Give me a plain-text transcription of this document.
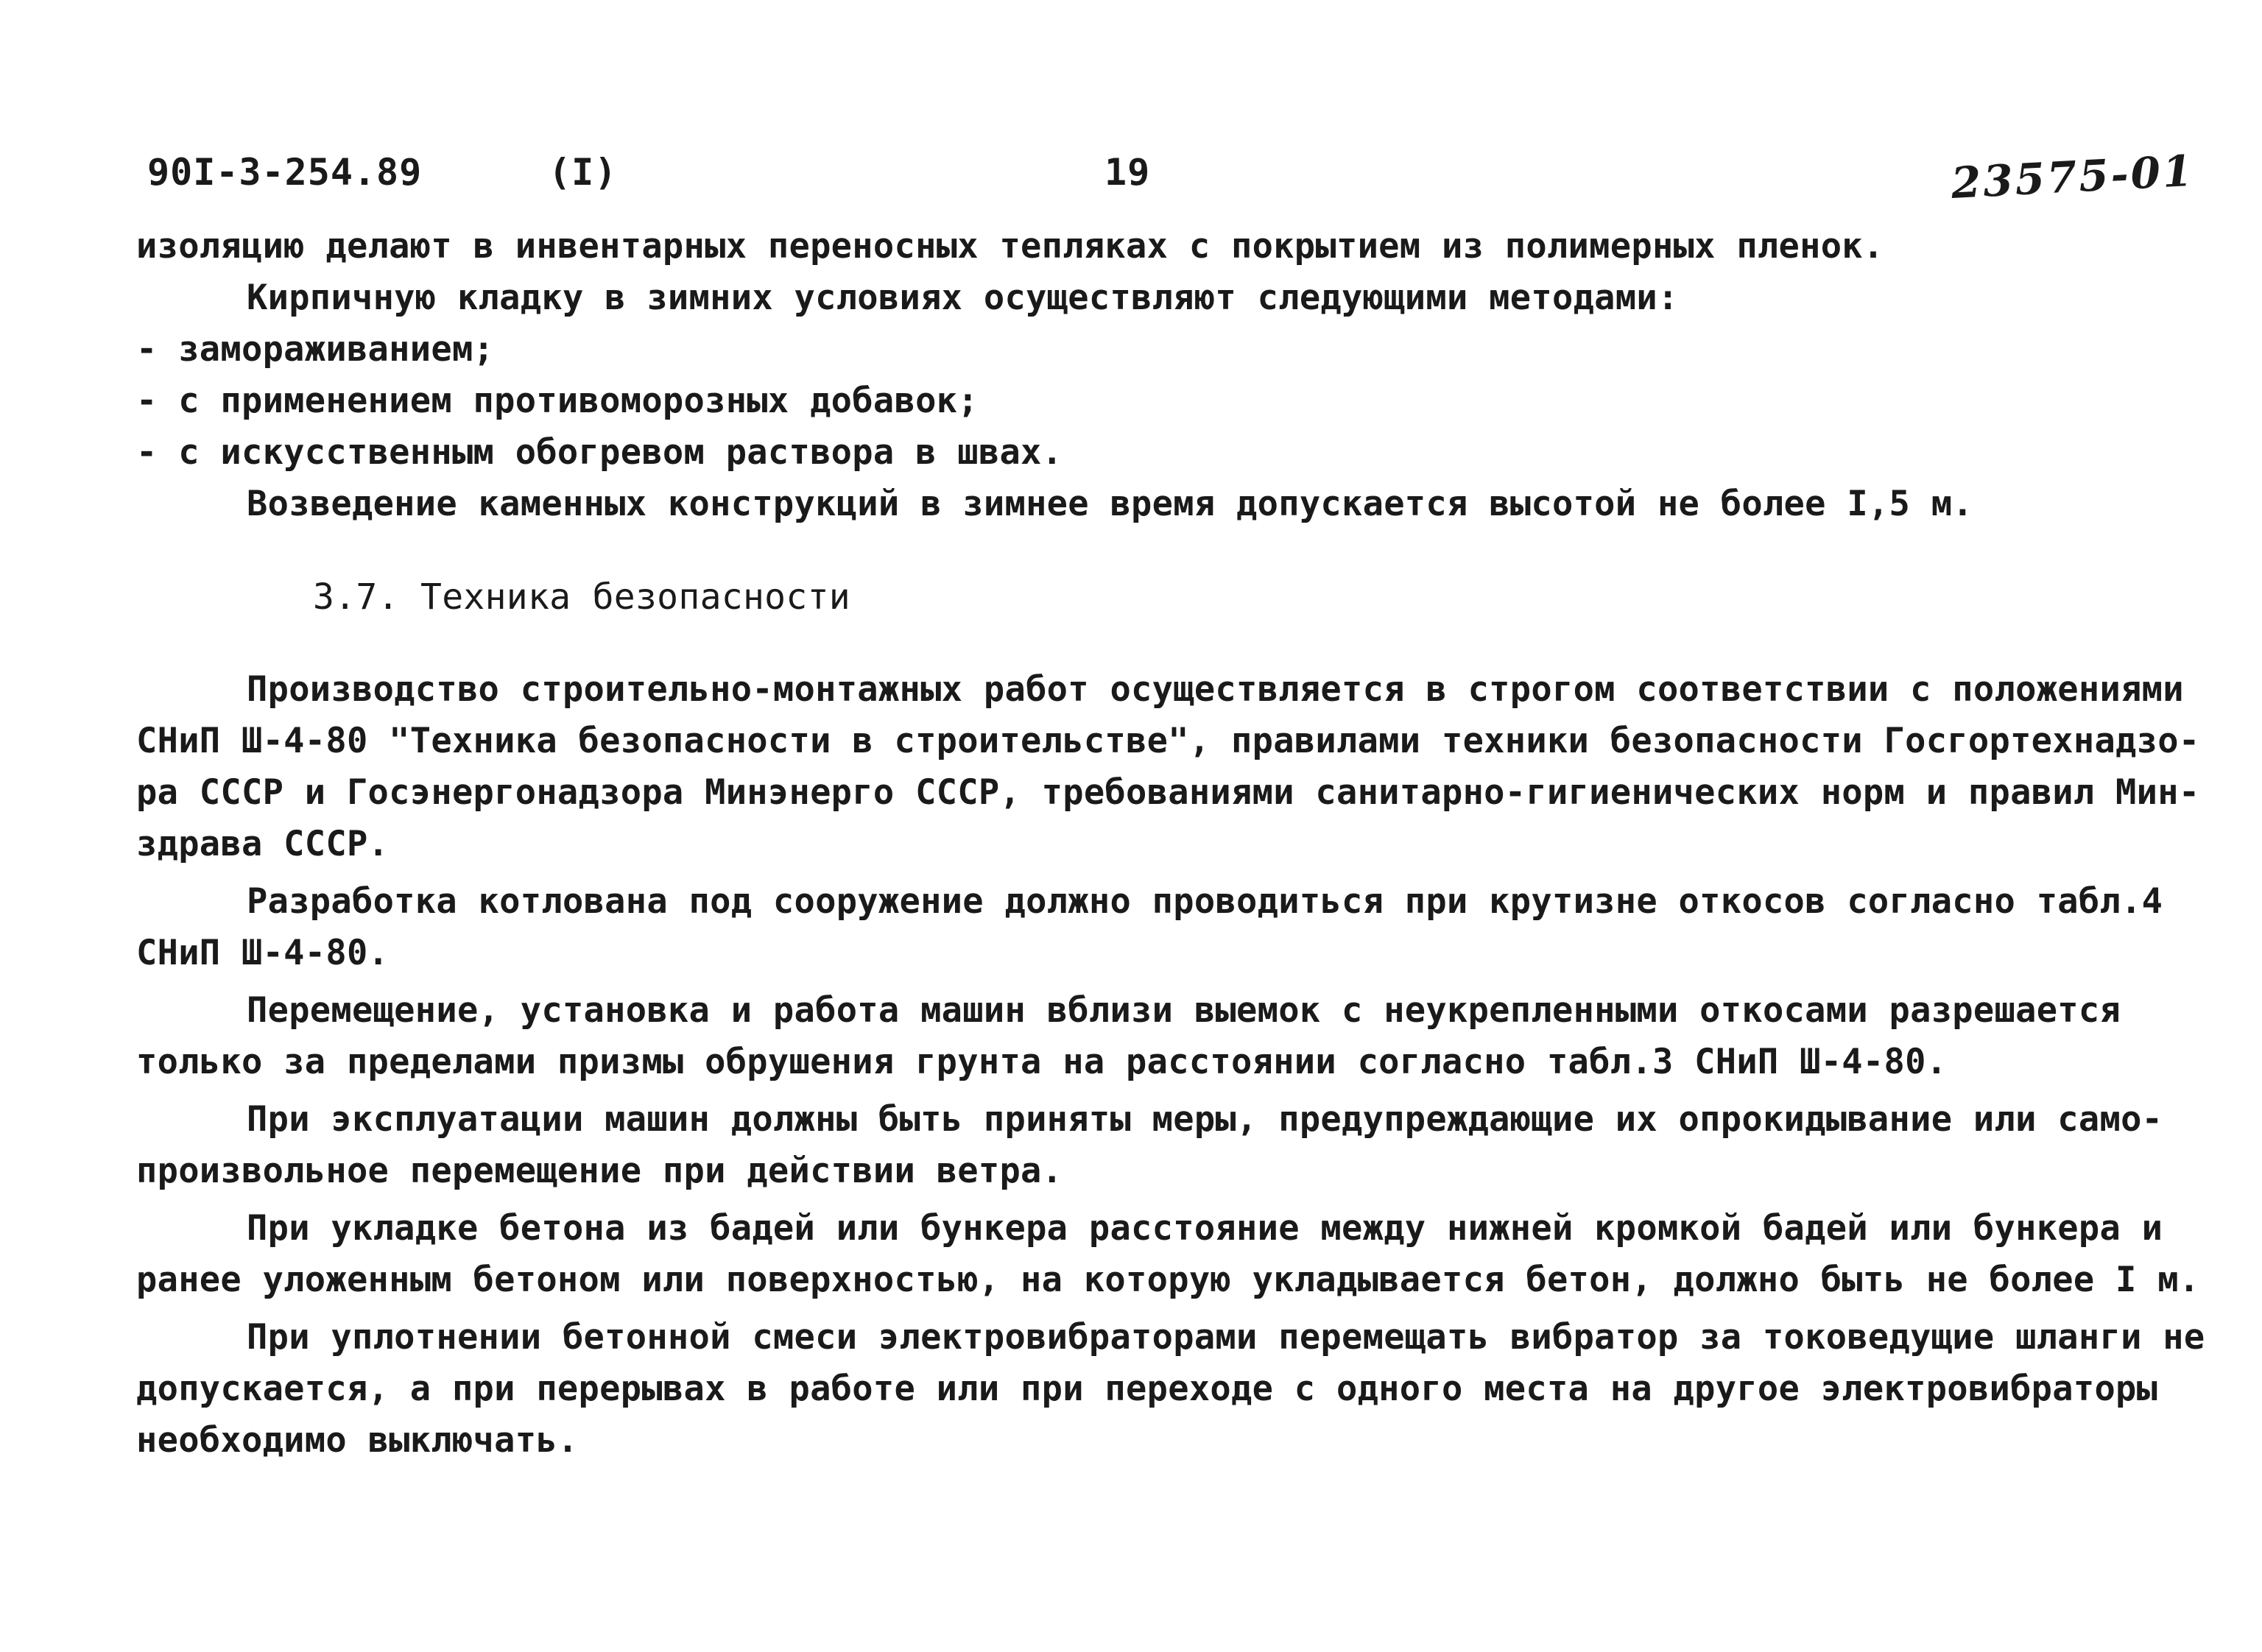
90I-3-254.89	(I)	19	23575-01
изоляцию делают в инвентарных переносных тепляках с покрытием из полимерных пленок.
Кирпичную кладку в зимних условиях осуществляют следующими методами:
- замораживанием;
- с применением противоморозных добавок;
- с искусственным обогревом раствора в швах.
Возведение каменных конструкций в зимнее время допускается высотой не более I,5 м.
3.7. Техника безопасности
Производство строительно-монтажных работ осуществляется в строгом соответствии с положениями
СНиП Ш-4-80 "Техника безопасности в строительстве", правилами техники безопасности Госгортехнадзо-
ра СССР и Госэнергонадзора Минэнерго СССР, требованиями санитарно-гигиенических норм и правил Мин-
здрава СССР.
Разработка котлована под сооружение должно проводиться при крутизне откосов согласно табл.4
СНиП Ш-4-80.
Перемещение, установка и работа машин вблизи выемок с неукрепленными откосами разрешается
только за пределами призмы обрушения грунта на расстоянии согласно табл.3 СНиП Ш-4-80.
При эксплуатации машин должны быть приняты меры, предупреждающие их опрокидывание или само-
произвольное перемещение при действии ветра.
При укладке бетона из бадей или бункера расстояние между нижней кромкой бадей или бункера и
ранее уложенным бетоном или поверхностью, на которую укладывается бетон, должно быть не более I м.
При уплотнении бетонной смеси электровибраторами перемещать вибратор за токоведущие шланги не
допускается, а при перерывах в работе или при переходе с одного места на другое электровибраторы
необходимо выключать.
